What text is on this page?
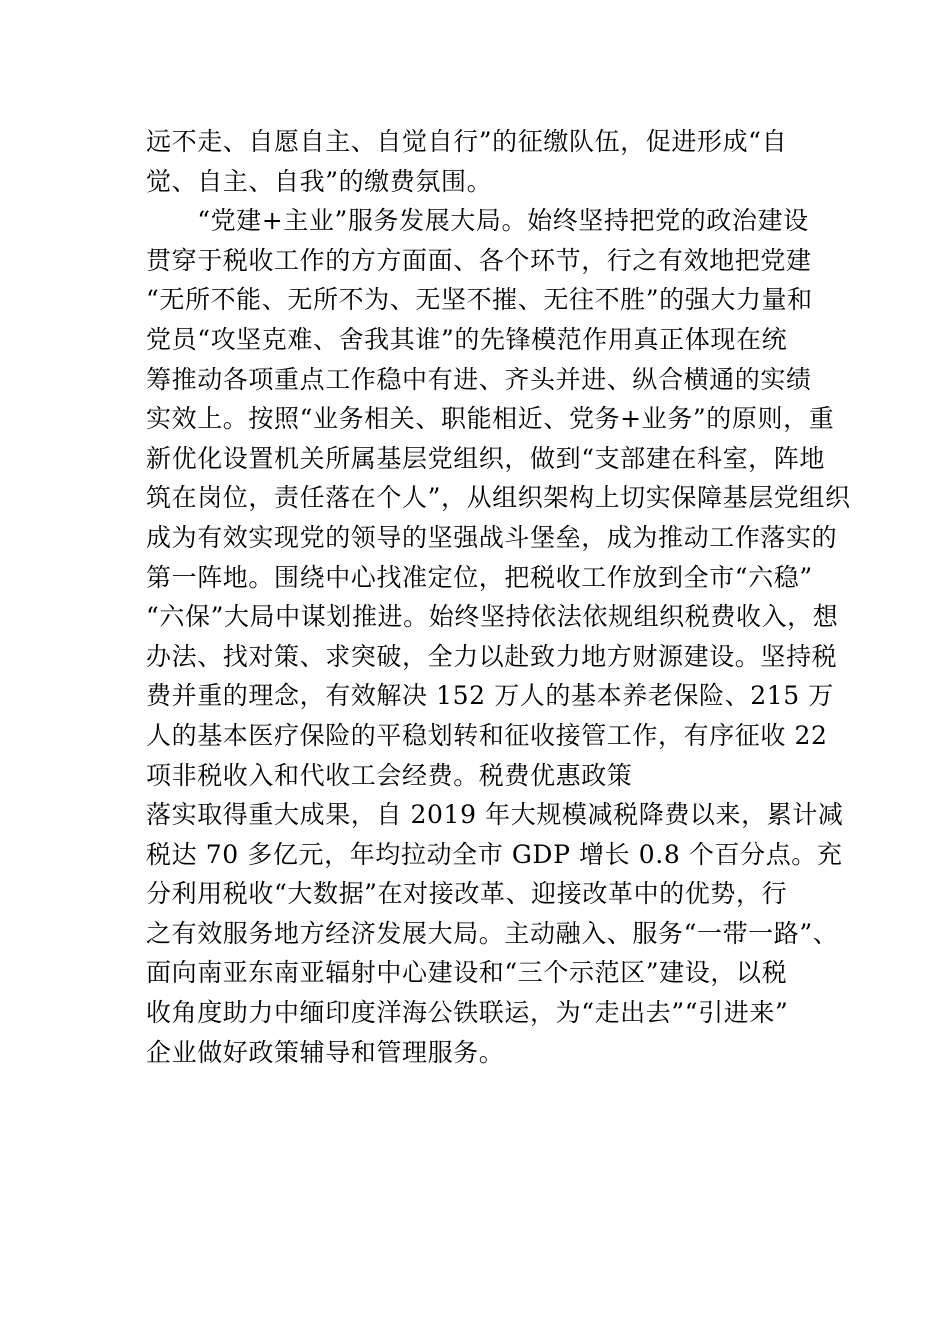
远不走、自愿自主、自觉自行”的征缴队伍，促进形成“自
觉、自主、自我”的缴费氛围。
　　“党建+主业”服务发展大局。始终坚持把党的政治建设
贯穿于税收工作的方方面面、各个环节，行之有效地把党建
“无所不能、无所不为、无坚不摧、无往不胜”的强大力量和
党员“攻坚克难、舍我其谁”的先锋模范作用真正体现在统
筹推动各项重点工作稳中有进、齐头并进、纵合横通的实绩
实效上。按照“业务相关、职能相近、党务+业务”的原则，重
新优化设置机关所属基层党组织，做到“支部建在科室，阵地
筑在岗位，责任落在个人”，从组织架构上切实保障基层党组织
成为有效实现党的领导的坚强战斗堡垒，成为推动工作落实的
第一阵地。围绕中心找准定位，把税收工作放到全市“六稳”
“六保”大局中谋划推进。始终坚持依法依规组织税费收入，想
办法、找对策、求突破，全力以赴致力地方财源建设。坚持税
费并重的理念，有效解决 152 万人的基本养老保险、215 万
人的基本医疗保险的平稳划转和征收接管工作，有序征收 22
项非税收入和代收工会经费。税费优惠政策
落实取得重大成果，自 2019 年大规模减税降费以来，累计减
税达 70 多亿元，年均拉动全市 GDP 增长 0.8 个百分点。充
分利用税收“大数据”在对接改革、迎接改革中的优势，行
之有效服务地方经济发展大局。主动融入、服务“一带一路”、
面向南亚东南亚辐射中心建设和“三个示范区”建设，以税
收角度助力中缅印度洋海公铁联运，为“走出去”“引进来”
企业做好政策辅导和管理服务。
